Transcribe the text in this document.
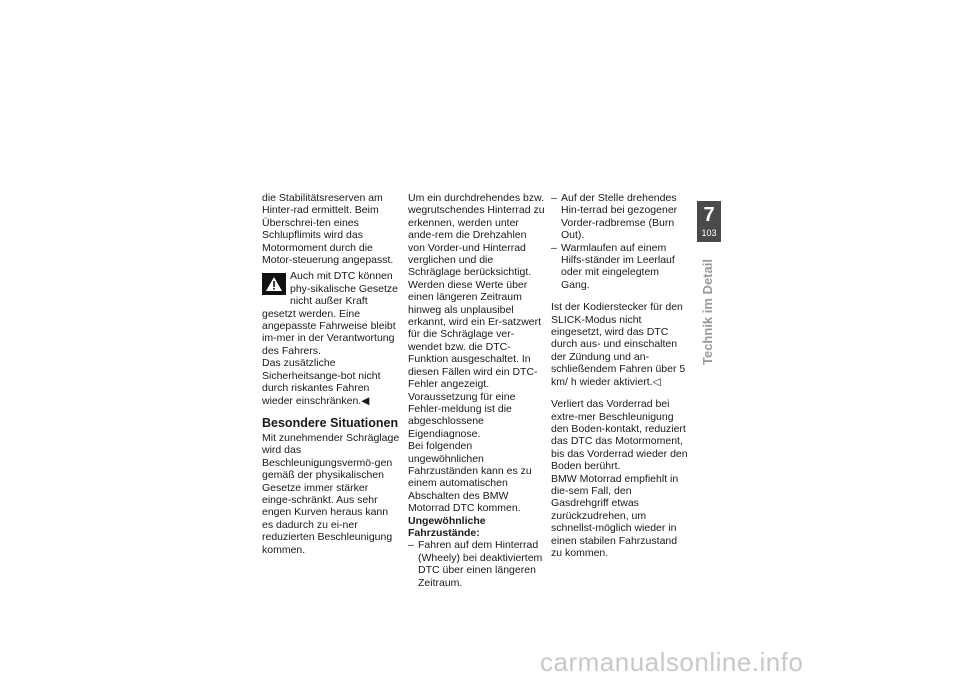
die Stabilitätsreserven am Hinter-rad ermittelt. Beim Überschrei-ten eines Schlupflimits wird das Motormoment durch die Motor-steuerung angepasst.

Auch mit DTC können phy-sikalische Gesetze nicht außer Kraft gesetzt werden. Eine angepasste Fahrweise bleibt im-mer in der Verantwortung des Fahrers.

Das zusätzliche Sicherheitsange-bot nicht durch riskantes Fahren wieder einschränken.◀

Besondere Situationen

Mit zunehmender Schräglage wird das Beschleunigungsvermö-gen gemäß der physikalischen Gesetze immer stärker einge-schränkt. Aus sehr engen Kurven heraus kann es dadurch zu ei-ner reduzierten Beschleunigung kommen.

Um ein durchdrehendes bzw. wegrutschendes Hinterrad zu erkennen, werden unter ande-rem die Drehzahlen von Vorder-und Hinterrad verglichen und die Schräglage berücksichtigt. Werden diese Werte über einen längeren Zeitraum hinweg als unplausibel erkannt, wird ein Er-satzwert für die Schräglage ver-wendet bzw. die DTC-Funktion ausgeschaltet. In diesen Fällen wird ein DTC-Fehler angezeigt. Voraussetzung für eine Fehler-meldung ist die abgeschlossene Eigendiagnose.

Bei folgenden ungewöhnlichen Fahrzuständen kann es zu einem automatischen Abschalten des BMW Motorrad DTC kommen.

Ungewöhnliche Fahrzustände:
– Fahren auf dem Hinterrad (Wheely) bei deaktiviertem DTC über einen längeren Zeitraum.
– Auf der Stelle drehendes Hin-terrad bei gezogener Vorder-radbremse (Burn Out).
– Warmlaufen auf einem Hilfs-ständer im Leerlauf oder mit eingelegtem Gang.

Ist der Kodierstecker für den SLICK-Modus nicht eingesetzt, wird das DTC durch aus- und einschalten der Zündung und an-schließendem Fahren über 5 km/ h wieder aktiviert.◁

Verliert das Vorderrad bei extre-mer Beschleunigung den Boden-kontakt, reduziert das DTC das Motormoment, bis das Vorderrad wieder den Boden berührt.

BMW Motorrad empfiehlt in die-sem Fall, den Gasdrehgriff etwas zurückzudrehen, um schnellst-möglich wieder in einen stabilen Fahrzustand zu kommen.

7
103
Technik im Detail
carmanualsonline.info
